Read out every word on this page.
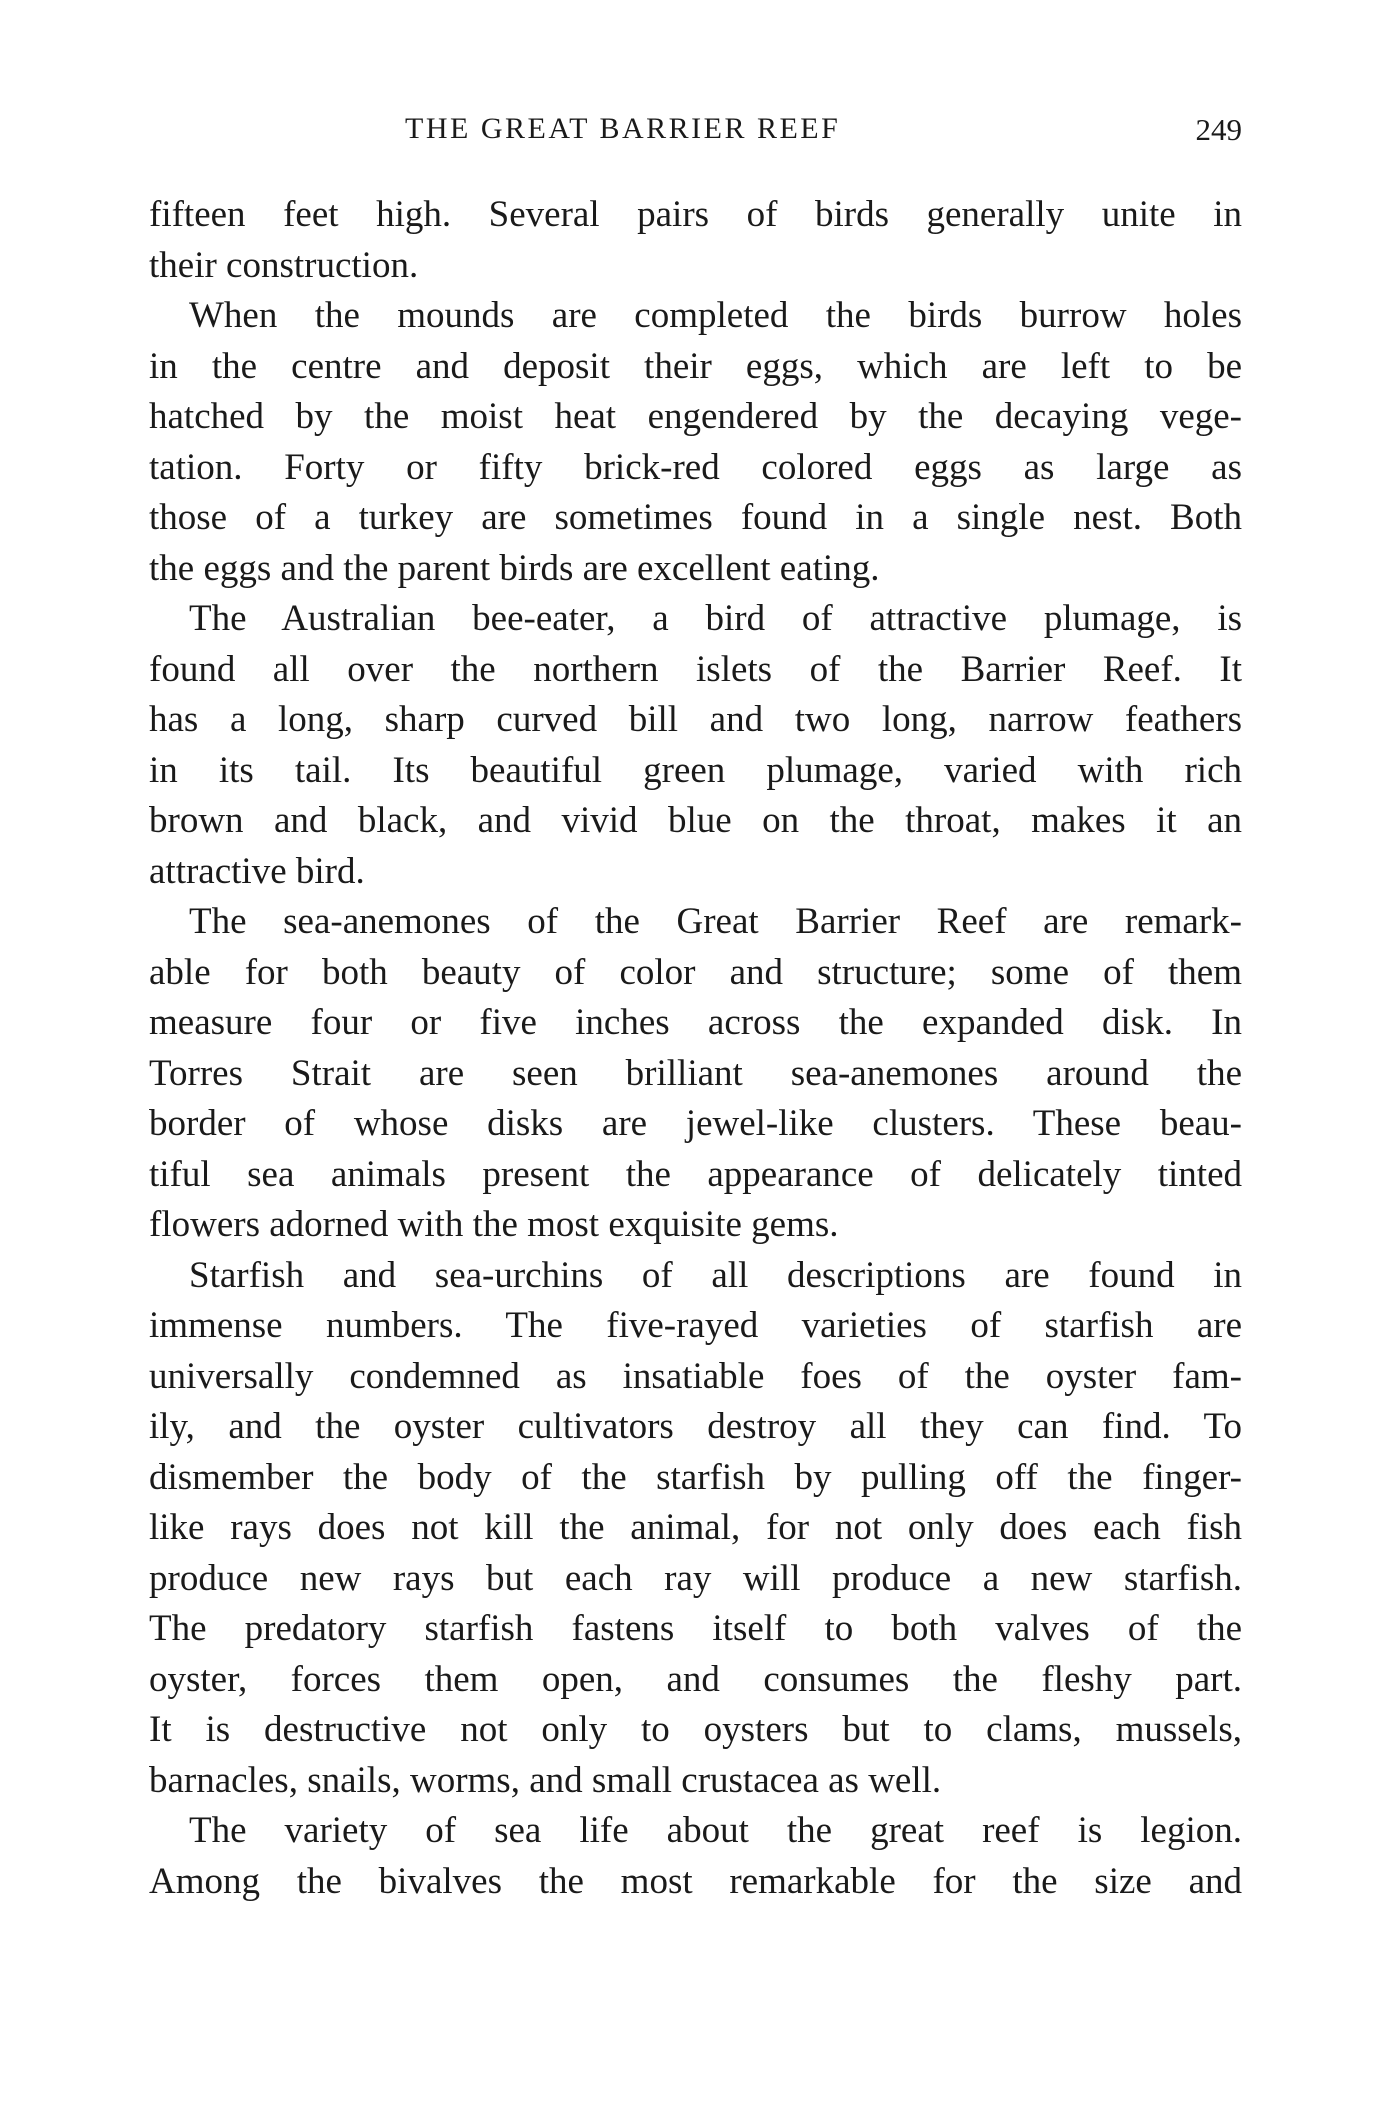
THE GREAT BARRIER REEF	249
fifteen feet high. Several pairs of birds generally unite in
their construction.
When the mounds are completed the birds burrow holes
in the centre and deposit their eggs, which are left to be
hatched by the moist heat engendered by the decaying vege-
tation. Forty or fifty brick-red colored eggs as large as
those of a turkey are sometimes found in a single nest. Both
the eggs and the parent birds are excellent eating.
The Australian bee-eater, a bird of attractive plumage, is
found all over the northern islets of the Barrier Reef. It
has a long, sharp curved bill and two long, narrow feathers
in its tail. Its beautiful green plumage, varied with rich
brown and black, and vivid blue on the throat, makes it an
attractive bird.
The sea-anemones of the Great Barrier Reef are remark-
able for both beauty of color and structure; some of them
measure four or five inches across the expanded disk. In
Torres Strait are seen brilliant sea-anemones around the
border of whose disks are jewel-like clusters. These beau-
tiful sea animals present the appearance of delicately tinted
flowers adorned with the most exquisite gems.
Starfish and sea-urchins of all descriptions are found in
immense numbers. The five-rayed varieties of starfish are
universally condemned as insatiable foes of the oyster fam-
ily, and the oyster cultivators destroy all they can find. To
dismember the body of the starfish by pulling off the finger-
like rays does not kill the animal, for not only does each fish
produce new rays but each ray will produce a new starfish.
The predatory starfish fastens itself to both valves of the
oyster, forces them open, and consumes the fleshy part.
It is destructive not only to oysters but to clams, mussels,
barnacles, snails, worms, and small crustacea as well.
The variety of sea life about the great reef is legion.
Among the bivalves the most remarkable for the size and
